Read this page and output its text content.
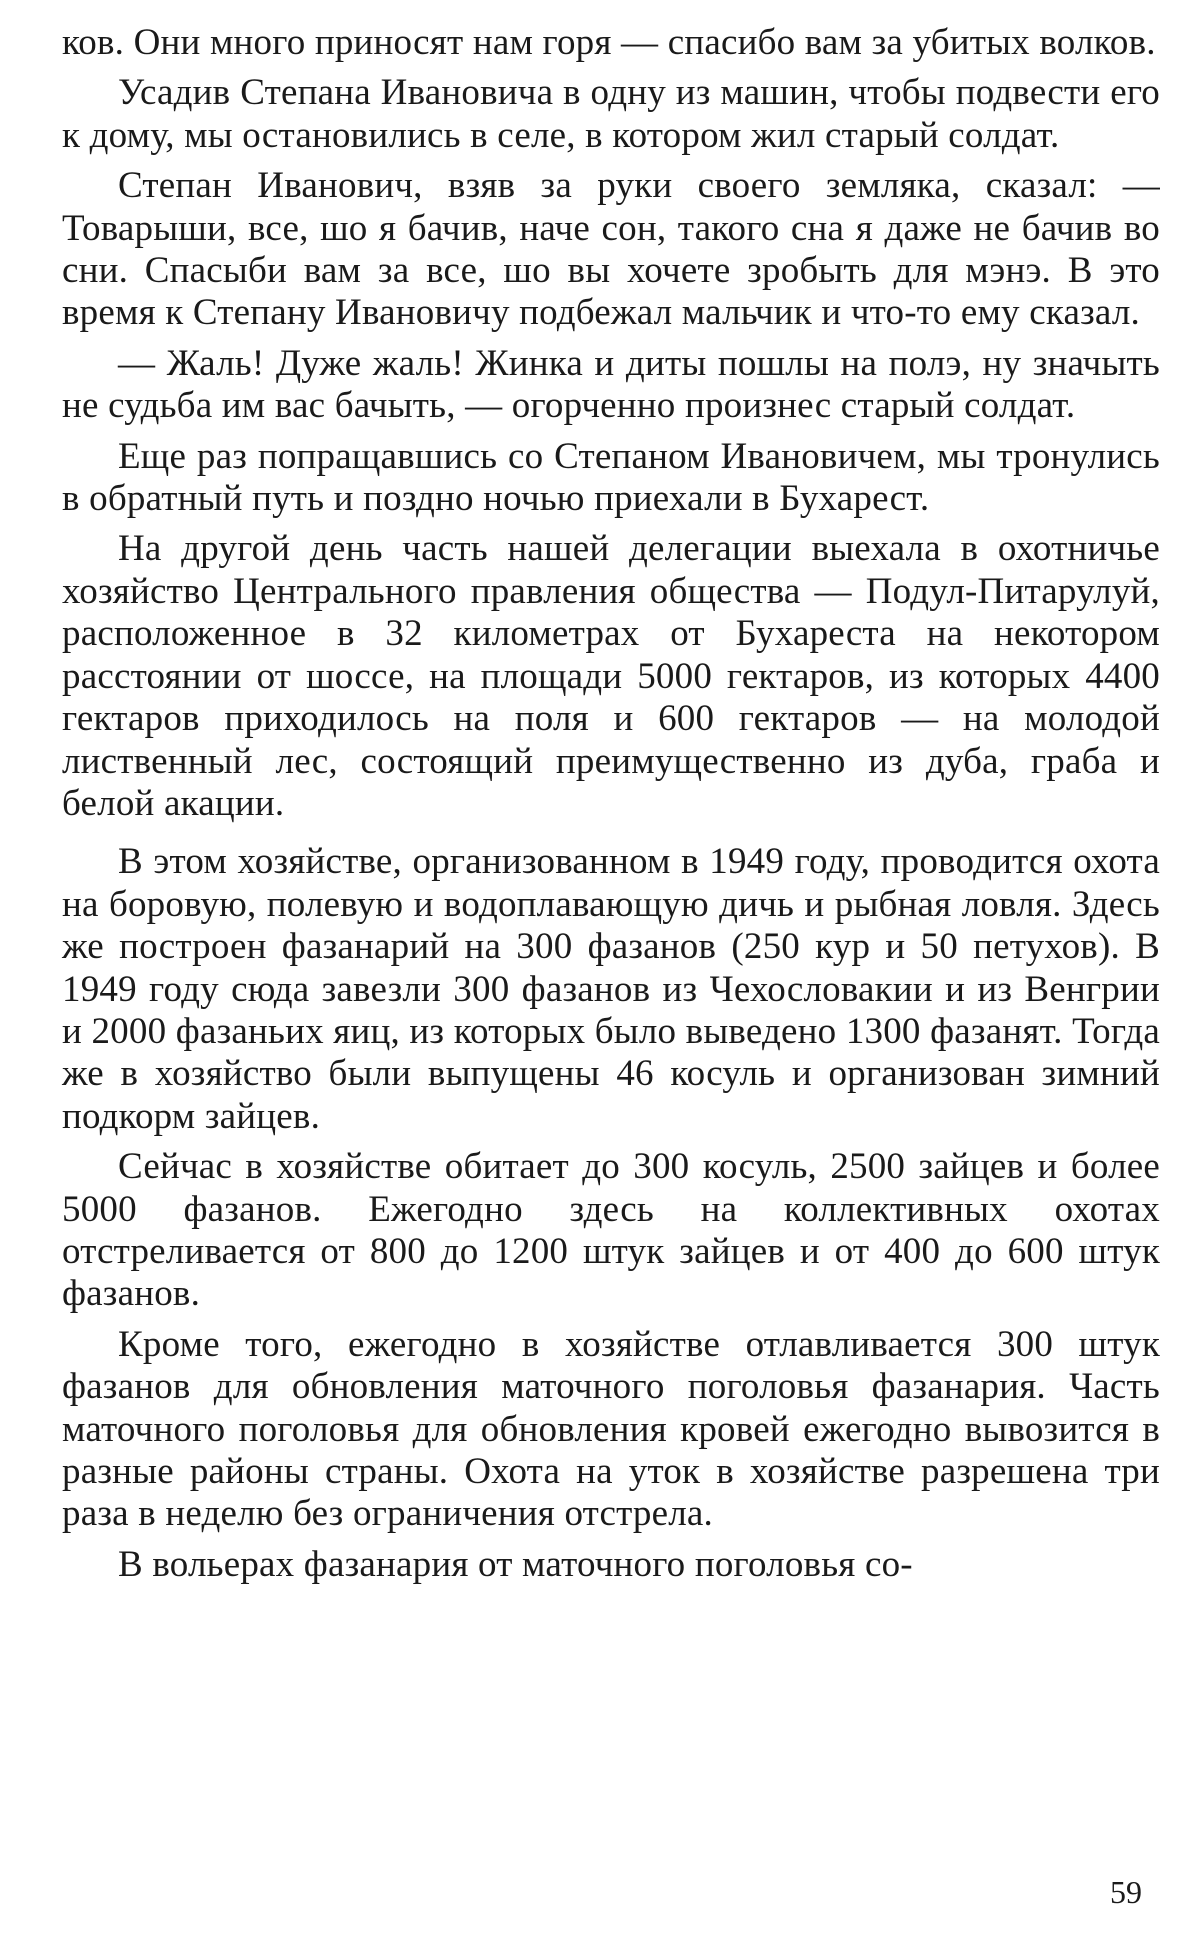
ков. Они много приносят нам горя — спасибо вам за убитых волков.

Усадив Степана Ивановича в одну из машин, чтобы подвести его к дому, мы остановились в селе, в котором жил старый солдат.

Степан Иванович, взяв за руки своего земляка, сказал: — Товарыши, все, шо я бачив, наче сон, такого сна я даже не бачив во сни. Спасыби вам за все, шо вы хочете зробыть для мэнэ. В это время к Степану Ивановичу подбежал мальчик и что-то ему сказал.

— Жаль! Дуже жаль! Жинка и диты пошлы на полэ, ну значыть не судьба им вас бачыть, — огорченно произнес старый солдат.

Еще раз попращавшись со Степаном Ивановичем, мы тронулись в обратный путь и поздно ночью приехали в Бухарест.

На другой день часть нашей делегации выехала в охотничье хозяйство Центрального правления общества — Подул-Питарулуй, расположенное в 32 километрах от Бухареста на некотором расстоянии от шоссе, на площади 5000 гектаров, из которых 4400 гектаров приходилось на поля и 600 гектаров — на молодой лиственный лес, состоящий преимущественно из дуба, граба и белой акации.

В этом хозяйстве, организованном в 1949 году, проводится охота на боровую, полевую и водоплавающую дичь и рыбная ловля. Здесь же построен фазанарий на 300 фазанов (250 кур и 50 петухов). В 1949 году сюда завезли 300 фазанов из Чехословакии и из Венгрии и 2000 фазаньих яиц, из которых было выведено 1300 фазанят. Тогда же в хозяйство были выпущены 46 косуль и организован зимний подкорм зайцев.

Сейчас в хозяйстве обитает до 300 косуль, 2500 зайцев и более 5000 фазанов. Ежегодно здесь на коллективных охотах отстреливается от 800 до 1200 штук зайцев и от 400 до 600 штук фазанов.

Кроме того, ежегодно в хозяйстве отлавливается 300 штук фазанов для обновления маточного поголовья фазанария. Часть маточного поголовья для обновления кровей ежегодно вывозится в разные районы страны. Охота на уток в хозяйстве разрешена три раза в неделю без ограничения отстрела.

В вольерах фазанария от маточного поголовья со-

59
